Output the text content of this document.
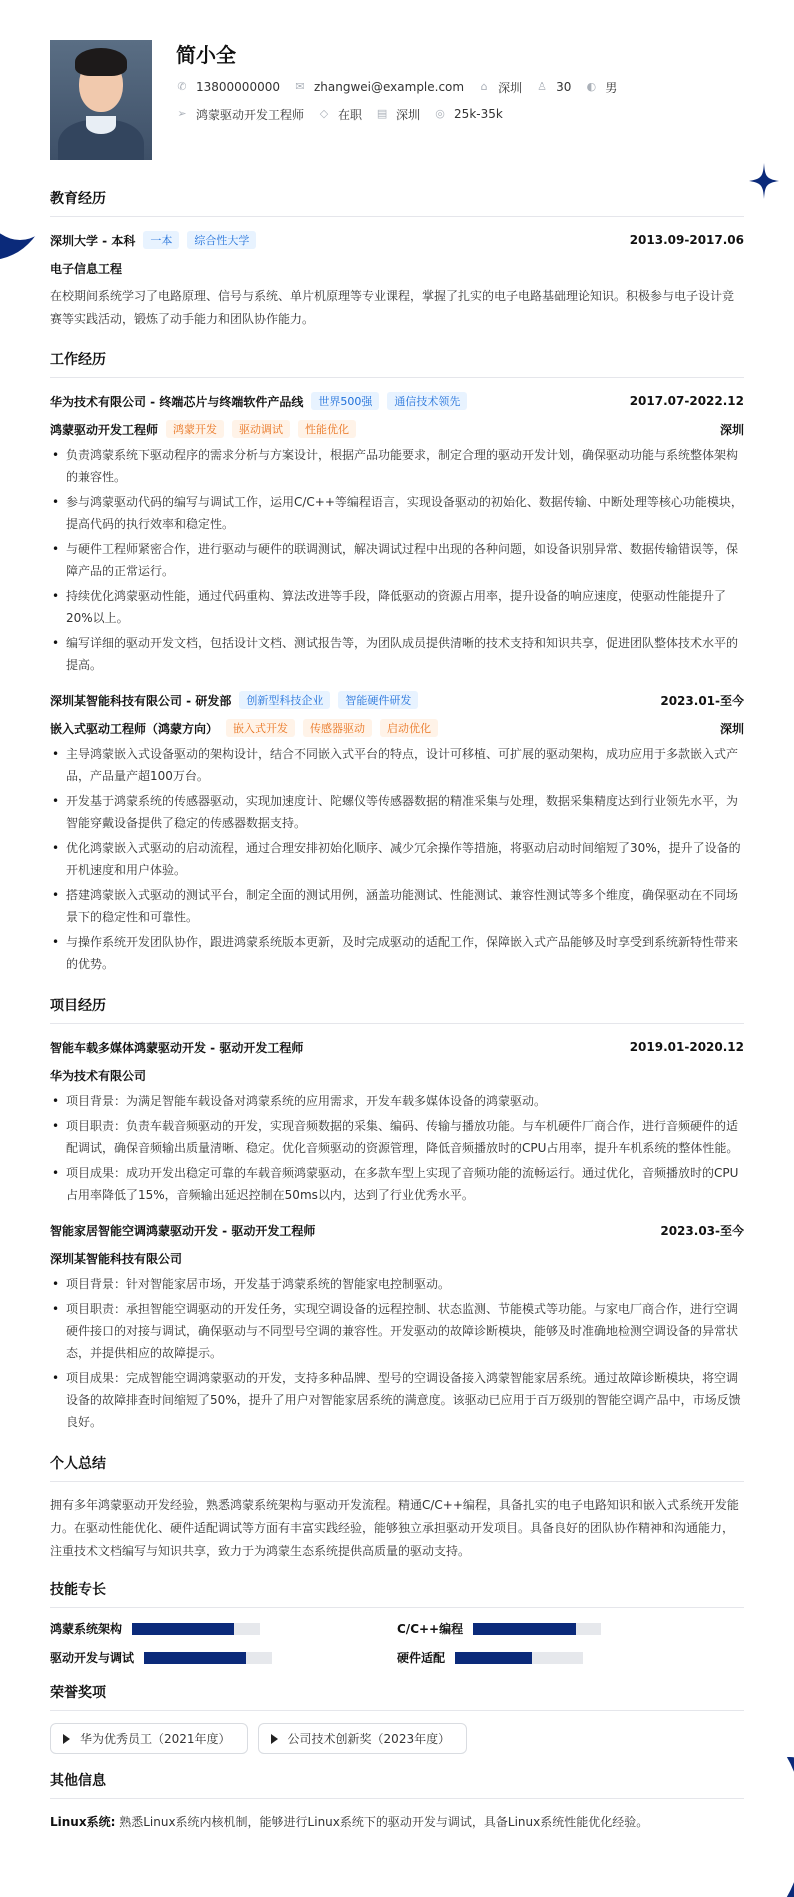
简小全
✆ 13800000000 ✉ zhangwei@example.com ⌂ 深圳 ♙ 30 ◐ 男
➢ 鸿蒙驱动开发工程师 ◇ 在职 ▤ 深圳 ◎ 25k-35k
教育经历
深圳大学 - 本科	一本	综合性大学	2013.09-2017.06
电子信息工程
在校期间系统学习了电路原理、信号与系统、单片机原理等专业课程，掌握了扎实的电子电路基础理论知识。积极参与电子设计竞赛等实践活动，锻炼了动手能力和团队协作能力。
工作经历
华为技术有限公司 - 终端芯片与终端软件产品线	世界500强	通信技术领先	2017.07-2022.12
鸿蒙驱动开发工程师	鸿蒙开发	驱动调试	性能优化	深圳
• 负责鸿蒙系统下驱动程序的需求分析与方案设计，根据产品功能要求，制定合理的驱动开发计划，确保驱动功能与系统整体架构的兼容性。
• 参与鸿蒙驱动代码的编写与调试工作，运用C/C++等编程语言，实现设备驱动的初始化、数据传输、中断处理等核心功能模块，提高代码的执行效率和稳定性。
• 与硬件工程师紧密合作，进行驱动与硬件的联调测试，解决调试过程中出现的各种问题，如设备识别异常、数据传输错误等，保障产品的正常运行。
• 持续优化鸿蒙驱动性能，通过代码重构、算法改进等手段，降低驱动的资源占用率，提升设备的响应速度，使驱动性能提升了20%以上。
• 编写详细的驱动开发文档，包括设计文档、测试报告等，为团队成员提供清晰的技术支持和知识共享，促进团队整体技术水平的提高。
深圳某智能科技有限公司 - 研发部	创新型科技企业	智能硬件研发	2023.01-至今
嵌入式驱动工程师（鸿蒙方向）	嵌入式开发	传感器驱动	启动优化	深圳
• 主导鸿蒙嵌入式设备驱动的架构设计，结合不同嵌入式平台的特点，设计可移植、可扩展的驱动架构，成功应用于多款嵌入式产品，产品量产超100万台。
• 开发基于鸿蒙系统的传感器驱动，实现加速度计、陀螺仪等传感器数据的精准采集与处理，数据采集精度达到行业领先水平，为智能穿戴设备提供了稳定的传感器数据支持。
• 优化鸿蒙嵌入式驱动的启动流程，通过合理安排初始化顺序、减少冗余操作等措施，将驱动启动时间缩短了30%，提升了设备的开机速度和用户体验。
• 搭建鸿蒙嵌入式驱动的测试平台，制定全面的测试用例，涵盖功能测试、性能测试、兼容性测试等多个维度，确保驱动在不同场景下的稳定性和可靠性。
• 与操作系统开发团队协作，跟进鸿蒙系统版本更新，及时完成驱动的适配工作，保障嵌入式产品能够及时享受到系统新特性带来的优势。
项目经历
智能车载多媒体鸿蒙驱动开发 - 驱动开发工程师	2019.01-2020.12
华为技术有限公司
• 项目背景：为满足智能车载设备对鸿蒙系统的应用需求，开发车载多媒体设备的鸿蒙驱动。
• 项目职责：负责车载音频驱动的开发，实现音频数据的采集、编码、传输与播放功能。与车机硬件厂商合作，进行音频硬件的适配调试，确保音频输出质量清晰、稳定。优化音频驱动的资源管理，降低音频播放时的CPU占用率，提升车机系统的整体性能。
• 项目成果：成功开发出稳定可靠的车载音频鸿蒙驱动，在多款车型上实现了音频功能的流畅运行。通过优化，音频播放时的CPU占用率降低了15%，音频输出延迟控制在50ms以内，达到了行业优秀水平。
智能家居智能空调鸿蒙驱动开发 - 驱动开发工程师	2023.03-至今
深圳某智能科技有限公司
• 项目背景：针对智能家居市场，开发基于鸿蒙系统的智能家电控制驱动。
• 项目职责：承担智能空调驱动的开发任务，实现空调设备的远程控制、状态监测、节能模式等功能。与家电厂商合作，进行空调硬件接口的对接与调试，确保驱动与不同型号空调的兼容性。开发驱动的故障诊断模块，能够及时准确地检测空调设备的异常状态，并提供相应的故障提示。
• 项目成果：完成智能空调鸿蒙驱动的开发，支持多种品牌、型号的空调设备接入鸿蒙智能家居系统。通过故障诊断模块，将空调设备的故障排查时间缩短了50%，提升了用户对智能家居系统的满意度。该驱动已应用于百万级别的智能空调产品中，市场反馈良好。
个人总结
拥有多年鸿蒙驱动开发经验，熟悉鸿蒙系统架构与驱动开发流程。精通C/C++编程，具备扎实的电子电路知识和嵌入式系统开发能力。在驱动性能优化、硬件适配调试等方面有丰富实践经验，能够独立承担驱动开发项目。具备良好的团队协作精神和沟通能力，注重技术文档编写与知识共享，致力于为鸿蒙生态系统提供高质量的驱动支持。
技能专长
鸿蒙系统架构	C/C++编程
驱动开发与调试	硬件适配
荣誉奖项
华为优秀员工（2021年度）	公司技术创新奖（2023年度）
其他信息
Linux系统: 熟悉Linux系统内核机制，能够进行Linux系统下的驱动开发与调试，具备Linux系统性能优化经验。
